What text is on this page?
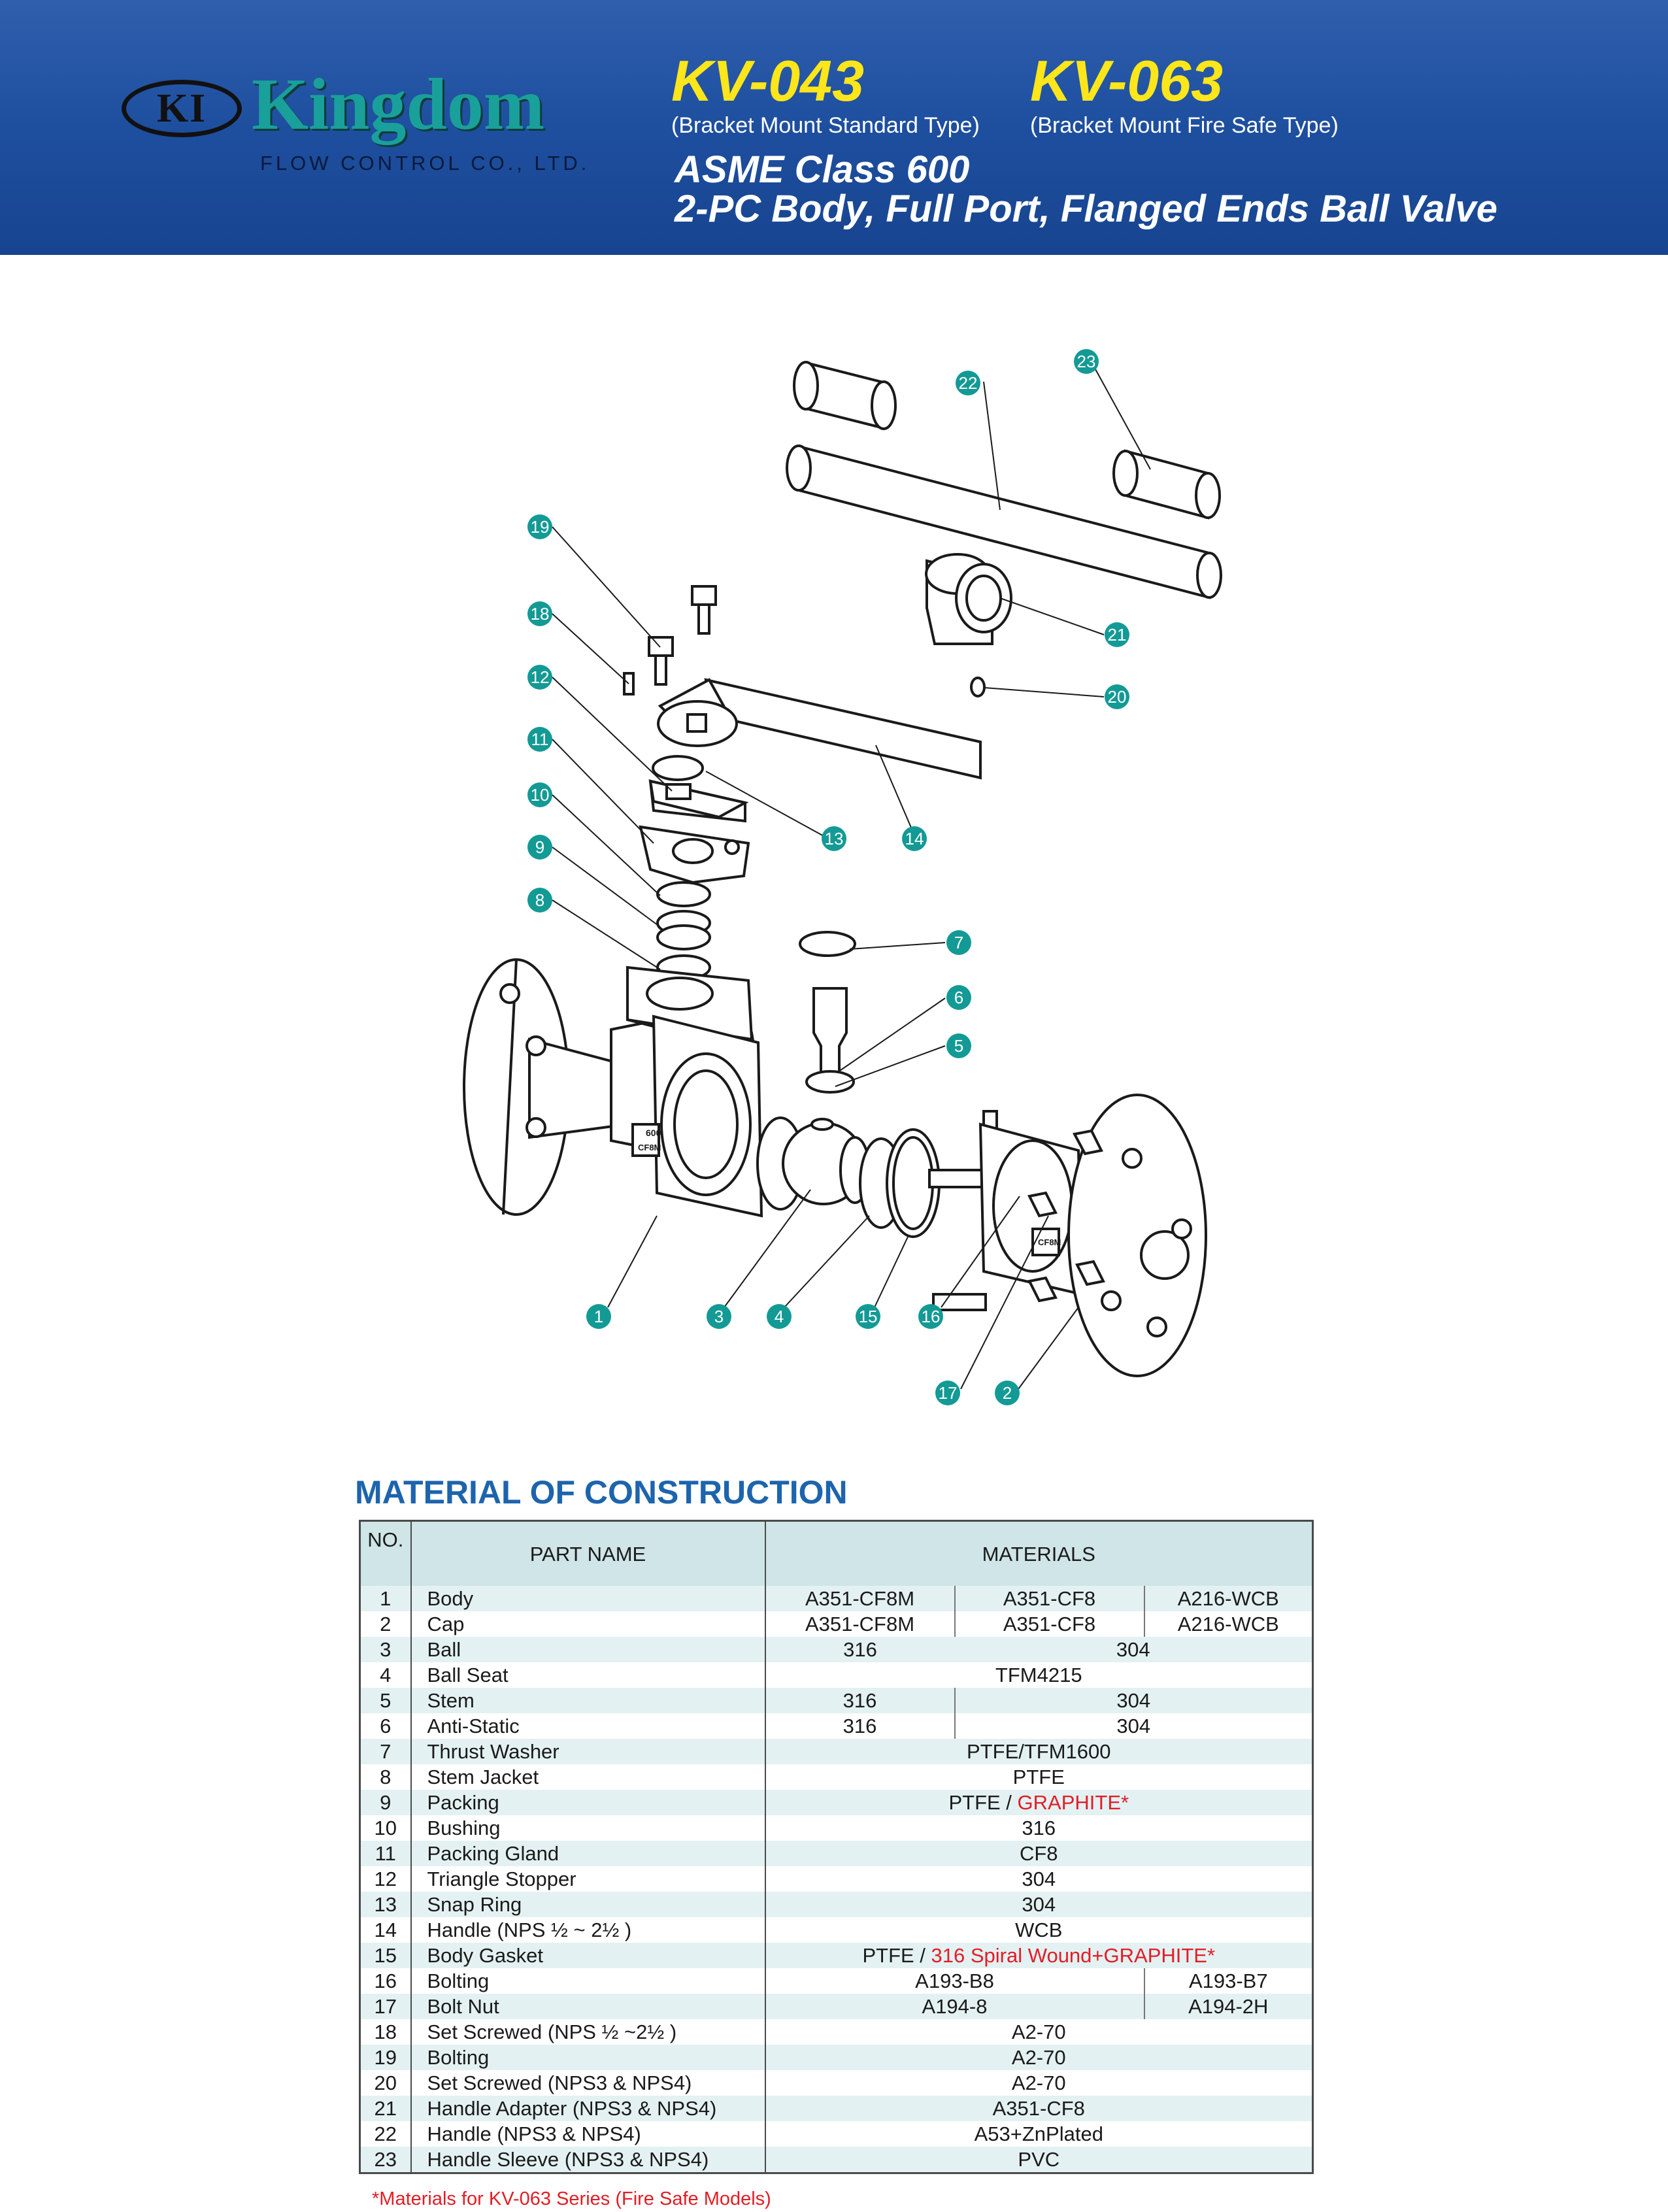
KI Kingdom
FLOW CONTROL CO., LTD.
KV-043
(Bracket Mount Standard Type)
KV-063
(Bracket Mount Fire Safe Type)
ASME Class 600
2-PC Body, Full Port, Flanged Ends Ball Valve
600
CF8M
CF8M
1
2
3	4
5
6
7
8
9
10
11
12
13	14
15	16
17
18
19
20
21
22
23
MATERIAL OF CONSTRUCTION
NO.	PART NAME	MATERIALS		
1	Body	A351-CF8M	A351-CF8	A216-WCB
2	Cap	A351-CF8M	A351-CF8	A216-WCB
3	Ball	316	304	
4	Ball Seat	TFM4215		
5	Stem	316	304	
6	Anti-Static	316	304	
7	Thrust Washer	PTFE/TFM1600		
8	Stem Jacket	PTFE		
9	Packing	PTFE / GRAPHITE*		
10	Bushing	316		
11	Packing Gland	CF8		
12	Triangle Stopper	304		
13	Snap Ring	304		
14	Handle (NPS ½ ~ 2½ )	WCB		
15	Body Gasket	PTFE / 316 Spiral Wound+GRAPHITE*		
16	Bolting	A193-B8		A193-B7
17	Bolt Nut	A194-8		A194-2H
18	Set Screwed (NPS ½ ~2½ )	A2-70		
19	Bolting	A2-70		
20	Set Screwed (NPS3 & NPS4)	A2-70		
21	Handle Adapter (NPS3 & NPS4)	A351-CF8		
22	Handle (NPS3 & NPS4)	A53+ZnPlated		
23	Handle Sleeve (NPS3 & NPS4)	PVC		
*Materials for KV-063 Series (Fire Safe Models)
